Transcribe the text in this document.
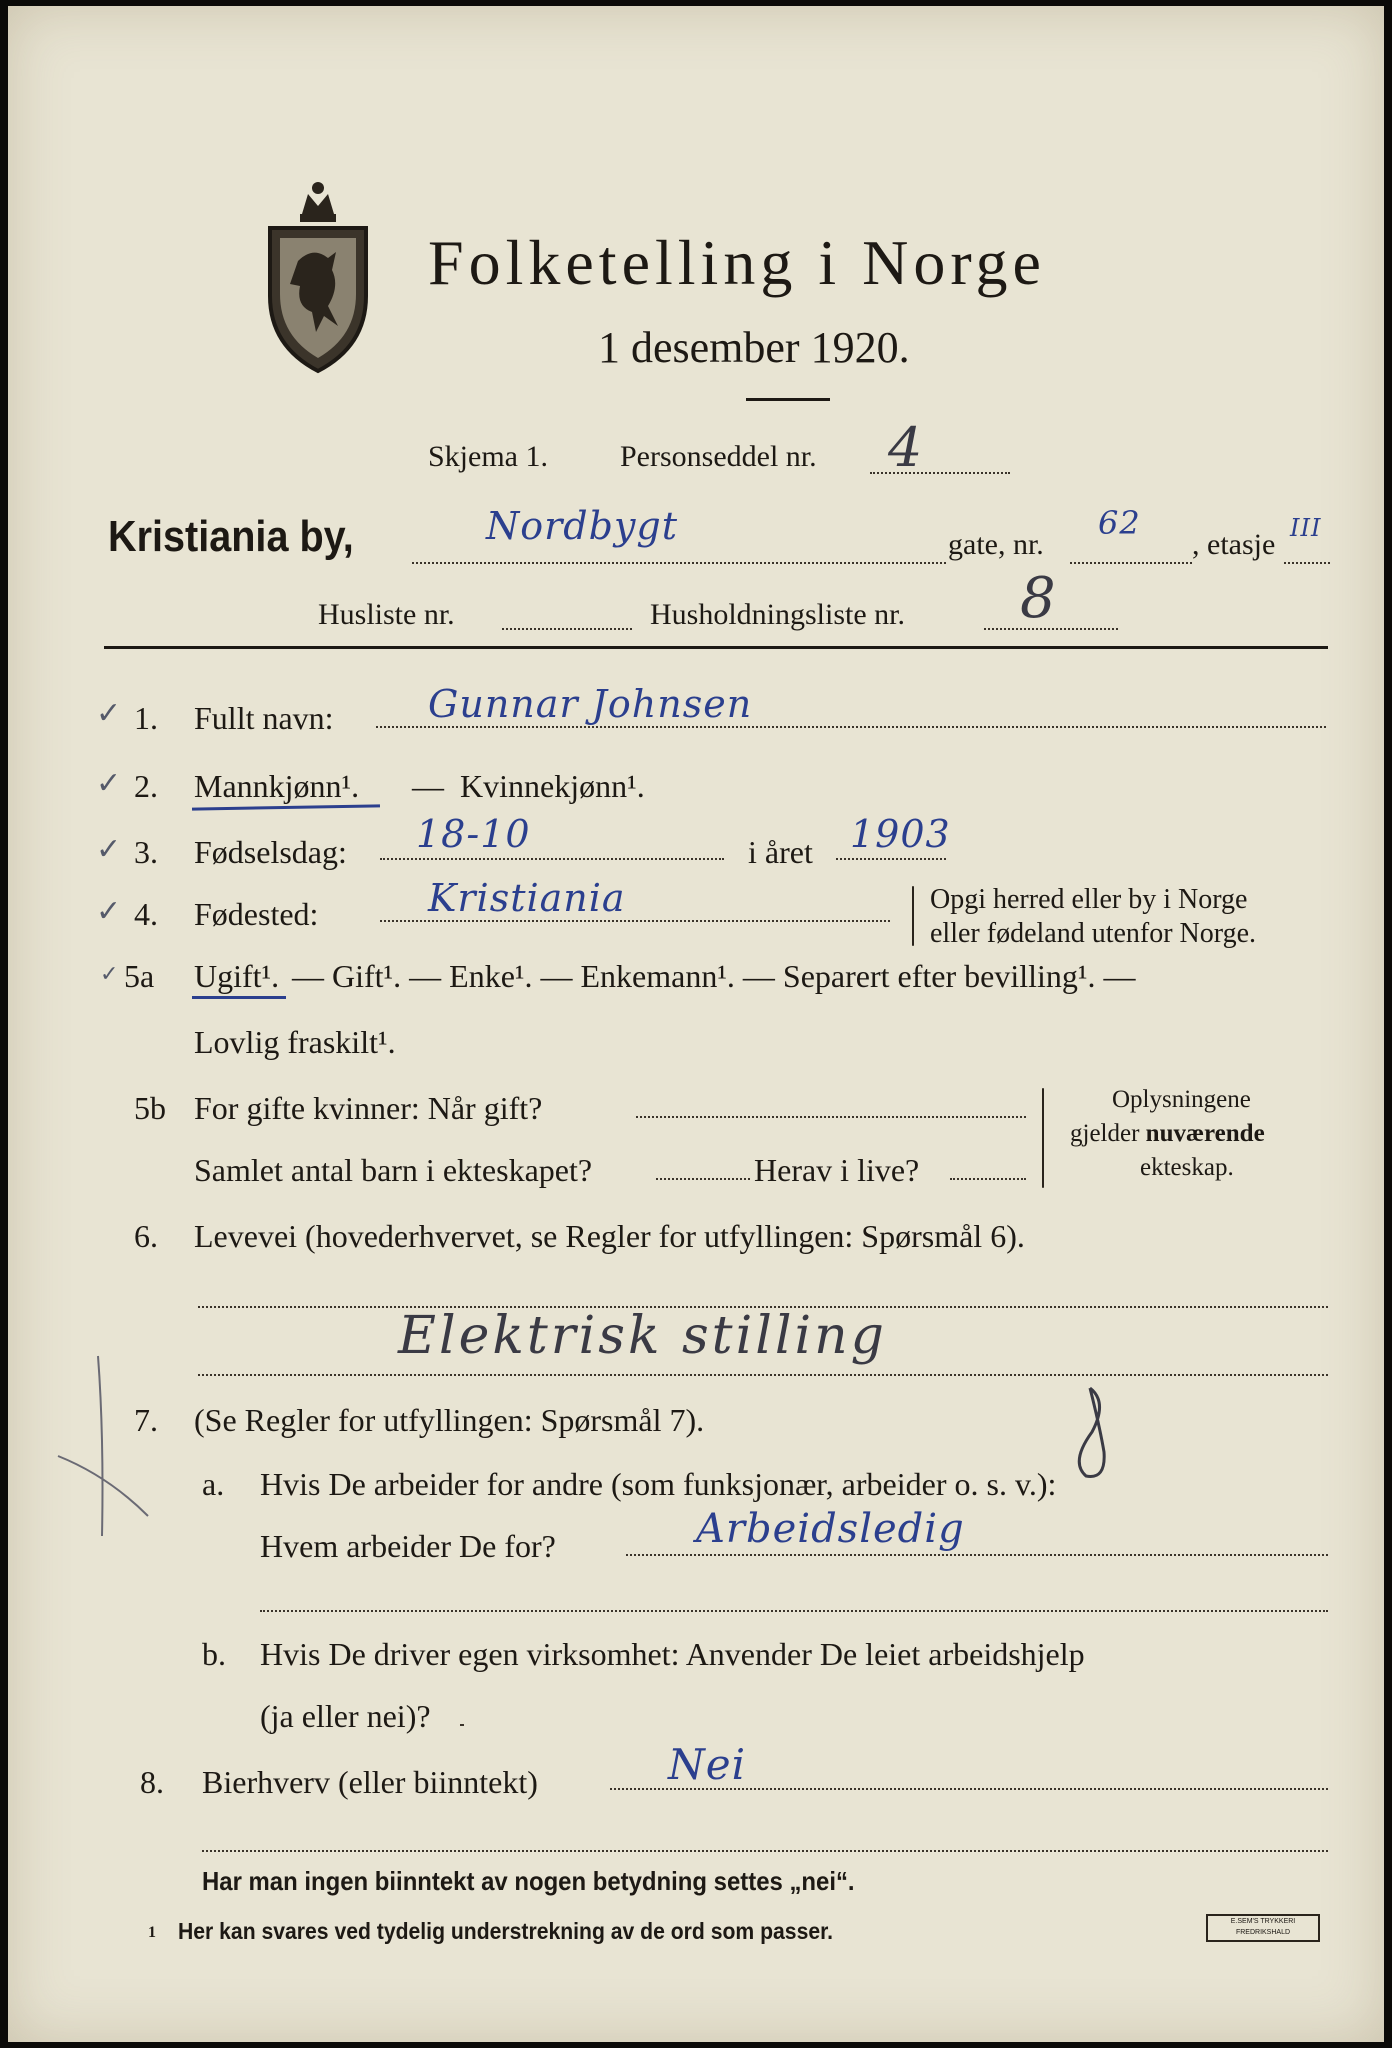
Folketelling i Norge
1 desember 1920.
Skjema 1. Personseddel nr. 4
Kristiania by,	Nordbygt	gate, nr.
62
, etasje III
Husliste nr.	Husholdningsliste nr. 8
✓ 1. Fullt navn: Gunnar Johnsen
✓ 2. Mannkjønn¹. — Kvinnekjønn¹.
✓ 3. Fødselsdag: 18-10	i året 1903
✓ 4. Fødested:	Kristiania	Opgi herred eller by i Norge
eller fødeland utenfor Norge.
✓ 5a Ugift¹. — Gift¹. — Enke¹. — Enkemann¹. — Separert efter bevilling¹. —
Lovlig fraskilt¹.
5b For gifte kvinner: Når gift?
Samlet antal barn i ekteskapet?	Herav i live?
Oplysningene
gjelder nuværende
ekteskap.
6. Levevei (hovederhvervet, se Regler for utfyllingen: Spørsmål 6).
Elektrisk stilling
7. (Se Regler for utfyllingen: Spørsmål 7).
a. Hvis De arbeider for andre (som funksjonær, arbeider o. s. v.):
Hvem arbeider De for?	Arbeidsledig
b. Hvis De driver egen virksomhet: Anvender De leiet arbeidshjelp
(ja eller nei)?
8. Bierhverv (eller biinntekt)	Nei
Har man ingen biinntekt av nogen betydning settes „nei“.
1 Her kan svares ved tydelig understrekning av de ord som passer.	E.SEM'S TRYKKERI FREDRIKSHALD
